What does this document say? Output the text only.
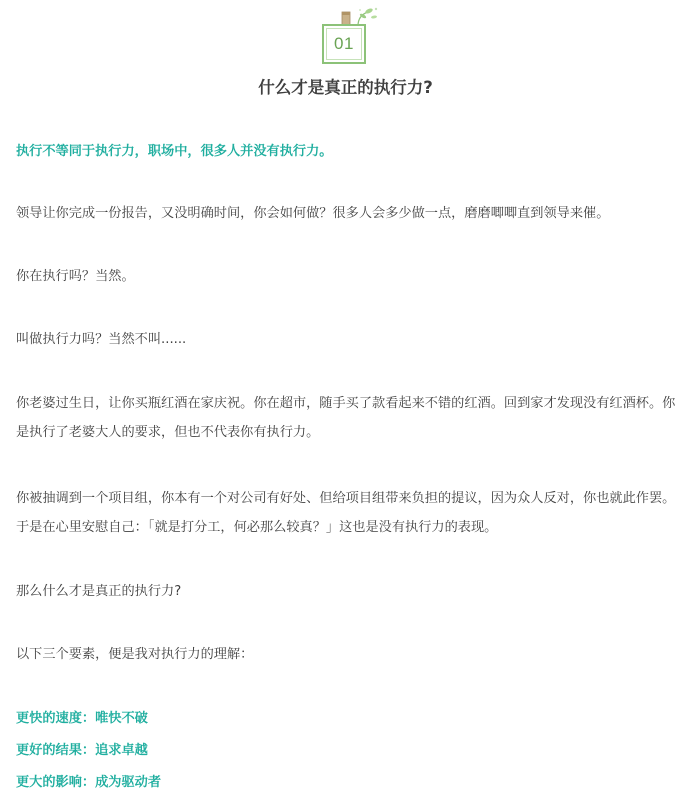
01
什么才是真正的执行力?

执行不等同于执行力，职场中，很多人并没有执行力。

领导让你完成一份报告，又没明确时间，你会如何做？很多人会多少做一点，磨磨唧唧直到领导来催。

你在执行吗？当然。

叫做执行力吗？当然不叫......

你老婆过生日，让你买瓶红酒在家庆祝。你在超市，随手买了款看起来不错的红酒。回到家才发现没有红酒杯。你是执行了老婆大人的要求，但也不代表你有执行力。

你被抽调到一个项目组，你本有一个对公司有好处、但给项目组带来负担的提议，因为众人反对，你也就此作罢。于是在心里安慰自己：「就是打分工，何必那么较真？」这也是没有执行力的表现。

那么什么才是真正的执行力?

以下三个要素，便是我对执行力的理解：

更快的速度：唯快不破

更好的结果：追求卓越

更大的影响：成为驱动者
